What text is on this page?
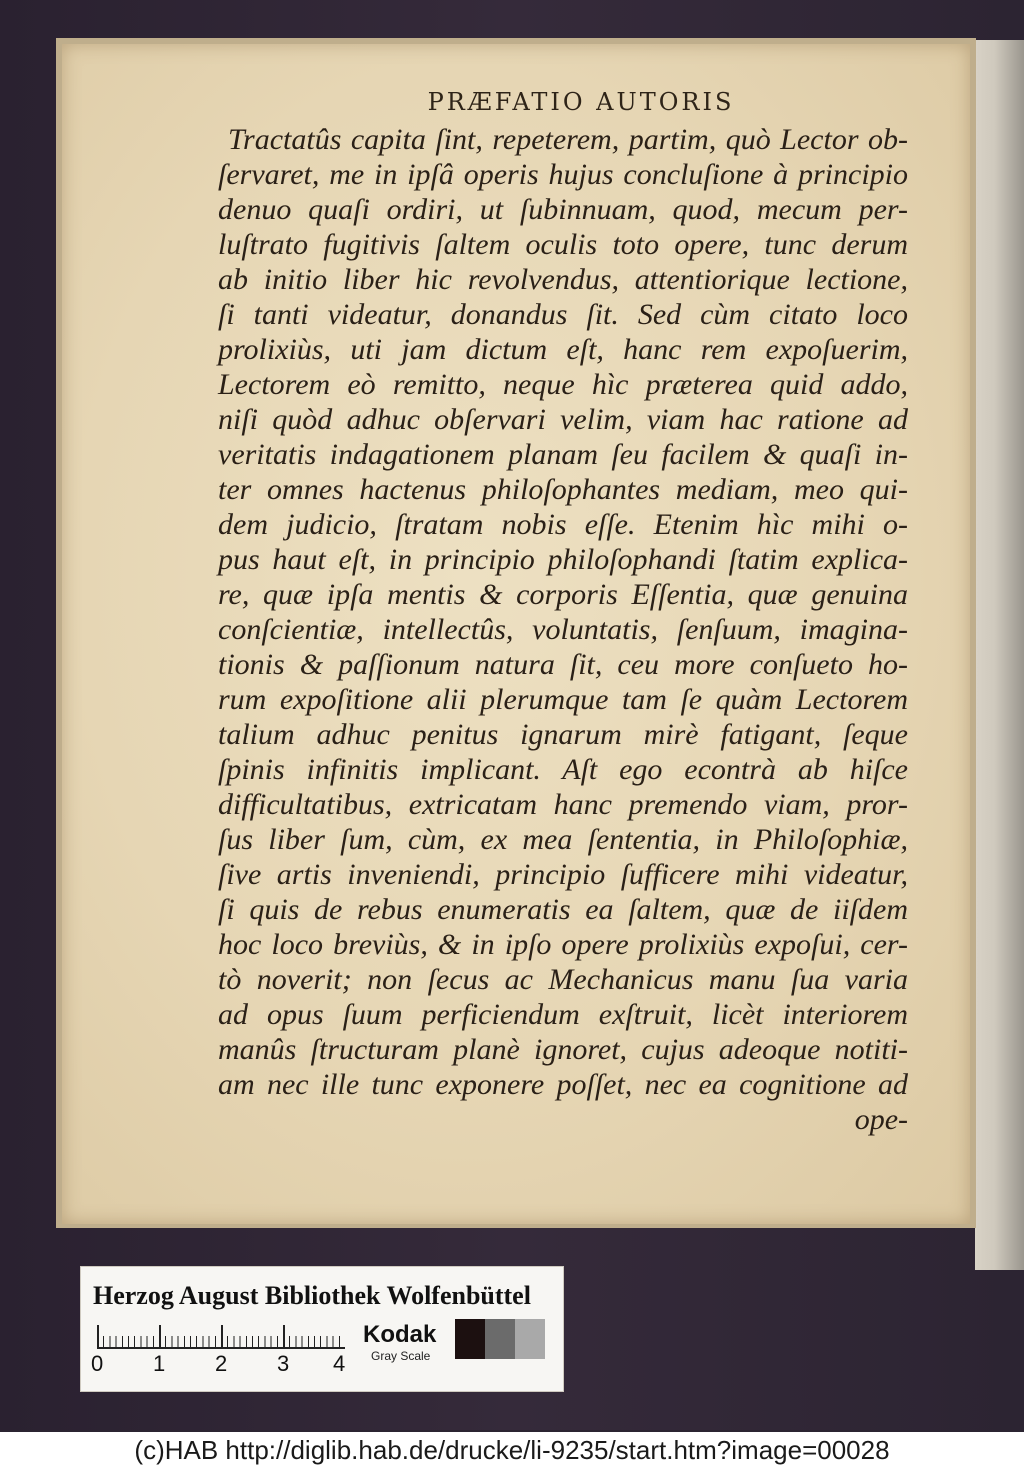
PRÆFATIO AUTORIS
Tractatûs capita ſint, repeterem, partim, quò Lector ob-
ſervaret, me in ipſâ operis hujus concluſione à principio
denuo quaſi ordiri, ut ſubinnuam, quod, mecum per-
luſtrato fugitivis ſaltem oculis toto opere, tunc derum
ab initio liber hic revolvendus, attentiorique lectione,
ſi tanti videatur, donandus ſit. Sed cùm citato loco
prolixiùs, uti jam dictum eſt, hanc rem expoſuerim,
Lectorem eò remitto, neque hìc præterea quid addo,
niſi quòd adhuc obſervari velim, viam hac ratione ad
veritatis indagationem planam ſeu facilem & quaſi in-
ter omnes hactenus philoſophantes mediam, meo qui-
dem judicio, ſtratam nobis eſſe. Etenim hìc mihi o-
pus haut eſt, in principio philoſophandi ſtatim explica-
re, quæ ipſa mentis & corporis Eſſentia, quæ genuina
conſcientiæ, intellectûs, voluntatis, ſenſuum, imagina-
tionis & paſſionum natura ſit, ceu more conſueto ho-
rum expoſitione alii plerumque tam ſe quàm Lectorem
talium adhuc penitus ignarum mirè fatigant, ſeque
ſpinis infinitis implicant. Aſt ego econtrà ab hiſce
difficultatibus, extricatam hanc premendo viam, pror-
ſus liber ſum, cùm, ex mea ſententia, in Philoſophiæ,
ſive artis inveniendi, principio ſufficere mihi videatur,
ſi quis de rebus enumeratis ea ſaltem, quæ de iiſdem
hoc loco breviùs, & in ipſo opere prolixiùs expoſui, cer-
tò noverit; non ſecus ac Mechanicus manu ſua varia
ad opus ſuum perficiendum exſtruit, licèt interiorem
manûs ſtructuram planè ignoret, cujus adeoque notiti-
am nec ille tunc exponere poſſet, nec ea cognitione ad
ope-
Herzog August Bibliothek Wolfenbüttel
0 1 2 3 4
Kodak
Gray Scale
(c)HAB http://diglib.hab.de/drucke/li-9235/start.htm?image=00028
